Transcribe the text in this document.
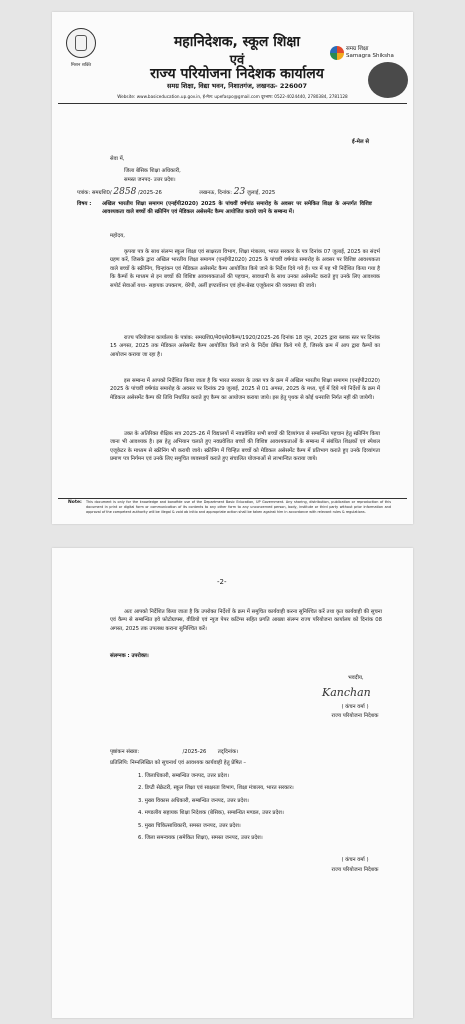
मिशन शक्ति
महानिदेशक, स्कूल शिक्षा
एवं
राज्य परियोजना निदेशक कार्यालय
समग्र शिक्षा, विद्या भवन, निशातगंज, लखनऊ- 226007
समग्र शिक्षा
Samagra Shiksha
Website: www.basiceducation.up.gov.in, ई-मेल: upefaspo@gmail.com दूरभाष: 0522-4024440, 2780384, 2781128
ई-मेल से
सेवा में,
जिला बेसिक शिक्षा अधिकारी,
समस्त जनपद- उत्तर प्रदेश।
पत्रांक: समग्रशि0/ 2858 /2025-26	लखनऊ, दिनांक: 23 जुलाई, 2025
विषय : अखिल भारतीय शिक्षा समागम (एनईपी2020) 2025 के पांचवीं वर्षगांठ समारोह के अवसर पर समेकित शिक्षा के अन्तर्गत विशिष्ट आवश्यकता वाले बच्चों की स्क्रीनिंग एवं मेडिकल असेसमेंट कैम्प आयोजित कराये जाने के सम्बन्ध में।
महोदय,
कृपया पत्र के साथ संलग्न स्कूल शिक्षा एवं साक्षरता विभाग, शिक्षा मंत्रालय, भारत सरकार के पत्र दिनांक 07 जुलाई, 2025 का संदर्भ ग्रहण करें, जिसके द्वारा अखिल भारतीय शिक्षा समागम (एनईपी2020) 2025 के पांचवीं वर्षगांठ समारोह के अवसर पर विशिष्ट आवश्यकता वाले बच्चों के स्क्रीनिंग, चिन्हांकन एवं मेडिकल असेसमेंट कैम्प आयोजित किये जाने के निर्देश दिये गये हैं। पत्र में यह भी निर्देशित किया गया है कि कैम्पों के माध्यम से इन बच्चों की विशिष्ट आवश्यकताओं की पहचान, सावधानी के साथ उनका असेसमेंट कराते हुए उनके लिए आवश्यक सपोर्ट सेवाओं यथा- सहायक उपकरण, थेरेपी, अर्ली इण्टरवेंशन एवं होम-बेस्ड एजूकेशन की व्यवस्था की जाये।
राज्य परियोजना कार्यालय के पत्रांक: समग्रशि0/मे0एसे0कैम्प/1920/2025-26 दिनांक 18 जून, 2025 द्वारा ब्लाक स्तर पर दिनांक 15 अगस्त, 2025 तक मेडिकल असेसमेंट कैम्प आयोजित किये जाने के निर्देश प्रेषित किये गये हैं, जिसके क्रम में आप द्वारा कैम्पों का आयोजन कराया जा रहा है।
इस सम्बन्ध में आपको निर्देशित किया जाता है कि भारत सरकार के उक्त पत्र के क्रम में अखिल भारतीय शिक्षा समागम (एनईपी2020) 2025 के पांचवीं वर्षगांठ समारोह के अवसर पर दिनांक 29 जुलाई, 2025 से 01 अगस्त, 2025 के मध्य, पूर्व में दिये गये निर्देशों के क्रम में मेडिकल असेसमेंट कैम्प की तिथि निर्धारित कराते हुए कैम्प का आयोजन कराया जाये। इस हेतु पृथक से कोई धनराशि निर्गत नहीं की जायेगी।
उक्त के अतिरिक्त शैक्षिक सत्र 2025-26 में विद्यालयों में नवप्रवेशित सभी बच्चों की दिव्यांगता से सम्बन्धित पहचान हेतु स्क्रीनिंग किया जाना भी आवश्यक है। इस हेतु अभियान चलाते हुए नवप्रवेशित बच्चों की विशिष्ट आवश्यकताओं के सम्बन्ध में संबंधित शिक्षकों एवं स्पेशल एजूकेटर के माध्यम से स्क्रीनिंग भी करायी जाये। स्क्रीनिंग में चिन्हित बच्चों को मेडिकल असेसमेंट कैम्प में प्रतिभाग कराते हुए उनके दिव्यांगता प्रमाण पत्र निर्गमन एवं उनके लिए समुचित व्यवस्थायें कराते हुए संचालित योजनाओं से लाभान्वित कराया जाये।
Note: This document is only for the knowledge and bonafide use of the Department Basic Education, UP Government. Any sharing, distribution, publication or reproduction of this document in print or digital form or communication of its contents to any other form to any unconcerned person, body, institute or third party without prior information and approval of the competent authority will be illegal & void ab initio and appropriate action shall be taken against him in accordance with relevant rules & regulations.
-2-
अतः आपको निर्देशित किया जाता है कि उपरोक्त निर्देशों के क्रम में समुचित कार्यवाही करना सुनिश्चित करें तथा कृत कार्यवाही की सूचना एवं कैम्प से सम्बन्धित इवे फ़ोटोग्राफ्स, वीडियो एवं न्यूज पेपर कटिंग्स सहित प्रगति आख्या संलग्न राज्य परियोजना कार्यालय को दिनांक 08 अगस्त, 2025 तक उपलब्ध कराना सुनिश्चित करें।
संलग्नक : उपरोक्त।
भवदीय,
Kanchan
( कंचन वर्मा )
राज्य परियोजना निदेशक
पृष्ठांकन संख्या:	/2025-26 तद्‌दिनांक।
प्रतिलिपि: निम्नलिखित को सूचनार्थ एवं आवश्यक कार्यवाही हेतु प्रेषित –
1. जिलाधिकारी, सम्बन्धित जनपद, उत्तर प्रदेश।
2. डिप्टी सेक्रेटरी, स्कूल शिक्षा एवं साक्षरता विभाग, शिक्षा मंत्रालय, भारत सरकार।
3. मुख्य विकास अधिकारी, सम्बन्धित जनपद, उत्तर प्रदेश।
4. मण्डलीय सहायक शिक्षा निदेशक (बेसिक), सम्बन्धित मण्डल, उत्तर प्रदेश।
5. मुख्य चिकित्साधिकारी, समस्त जनपद, उत्तर प्रदेश।
6. जिला समन्वयक (समेकित शिक्षा), समस्त जनपद, उत्तर प्रदेश।
( कंचन वर्मा )
राज्य परियोजना निदेशक
